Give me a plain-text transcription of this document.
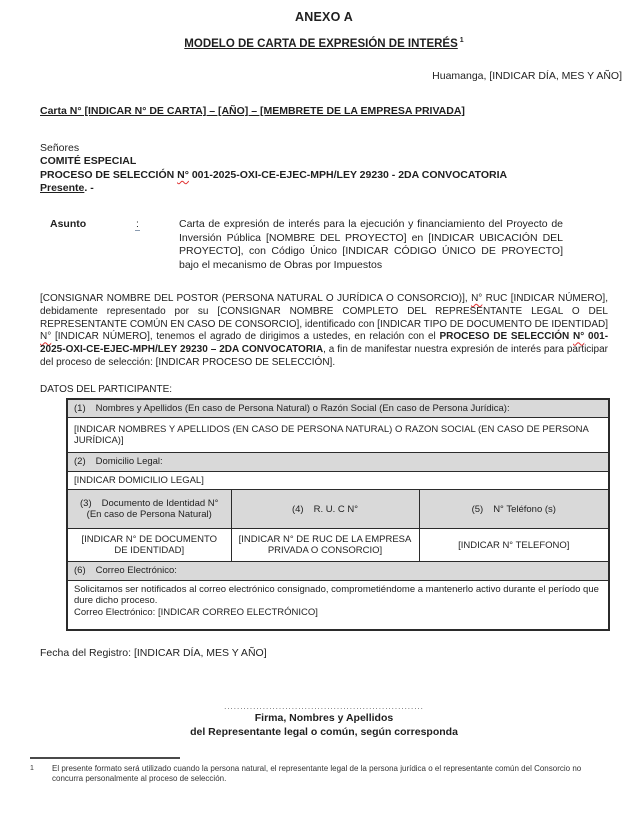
ANEXO A
MODELO DE CARTA DE EXPRESIÓN DE INTERÉS $^1$
Huamanga, [INDICAR DÍA, MES Y AÑO]
Carta N° [INDICAR N° DE CARTA] – [AÑO] – [MEMBRETE DE LA EMPRESA PRIVADA]
Señores
COMITÉ ESPECIAL
PROCESO DE SELECCIÓN N° 001-2025-OXI-CE-EJEC-MPH/LEY 29230 - 2DA CONVOCATORIA
Presente. -
Asunto	:	Carta de expresión de interés para la ejecución y financiamiento del Proyecto de Inversión Pública [NOMBRE DEL PROYECTO] en [INDICAR UBICACIÓN DEL PROYECTO], con Código Único [INDICAR CÓDIGO ÚNICO DE PROYECTO] bajo el mecanismo de Obras por Impuestos
[CONSIGNAR NOMBRE DEL POSTOR (PERSONA NATURAL O JURÍDICA O CONSORCIO)], N° RUC [INDICAR NÚMERO], debidamente representado por su [CONSIGNAR NOMBRE COMPLETO DEL REPRESENTANTE LEGAL O DEL REPRESENTANTE COMÚN EN CASO DE CONSORCIO], identificado con [INDICAR TIPO DE DOCUMENTO DE IDENTIDAD] N° [INDICAR NÚMERO], tenemos el agrado de dirigimos a ustedes, en relación con el PROCESO DE SELECCIÓN N° 001-2025-OXI-CE-EJEC-MPH/LEY 29230 – 2DA CONVOCATORIA, a fin de manifestar nuestra expresión de interés para participar del proceso de selección: [INDICAR PROCESO DE SELECCIÓN].
DATOS DEL PARTICIPANTE:
(1) Nombres y Apellidos (En caso de Persona Natural) o Razón Social (En caso de Persona Jurídica):		
[INDICAR NOMBRES Y APELLIDOS (EN CASO DE PERSONA NATURAL) O RAZON SOCIAL (EN CASO DE PERSONA JURÍDICA)]		
(2) Domicilio Legal:		
[INDICAR DOMICILIO LEGAL]		
(3) Documento de Identidad N° (En caso de Persona Natural)	(4) R. U. C N°	(5) N° Teléfono (s)
[INDICAR N° DE DOCUMENTO DE IDENTIDAD]	[INDICAR N° DE RUC DE LA EMPRESA PRIVADA O CONSORCIO]	[INDICAR N° TELEFONO]
(6) Correo Electrónico:		

Solicitamos ser notificados al correo electrónico consignado, comprometiéndome a mantenerlo activo durante el período que dure dicho proceso.

Correo Electrónico: [INDICAR CORREO ELECTRÓNICO]		

Fecha del Registro: [INDICAR DÍA, MES Y AÑO]
..............................................................
Firma, Nombres y Apellidos
del Representante legal o común, según corresponda
1	El presente formato será utilizado cuando la persona natural, el representante legal de la persona jurídica o el representante común del Consorcio no concurra personalmente al proceso de selección.
